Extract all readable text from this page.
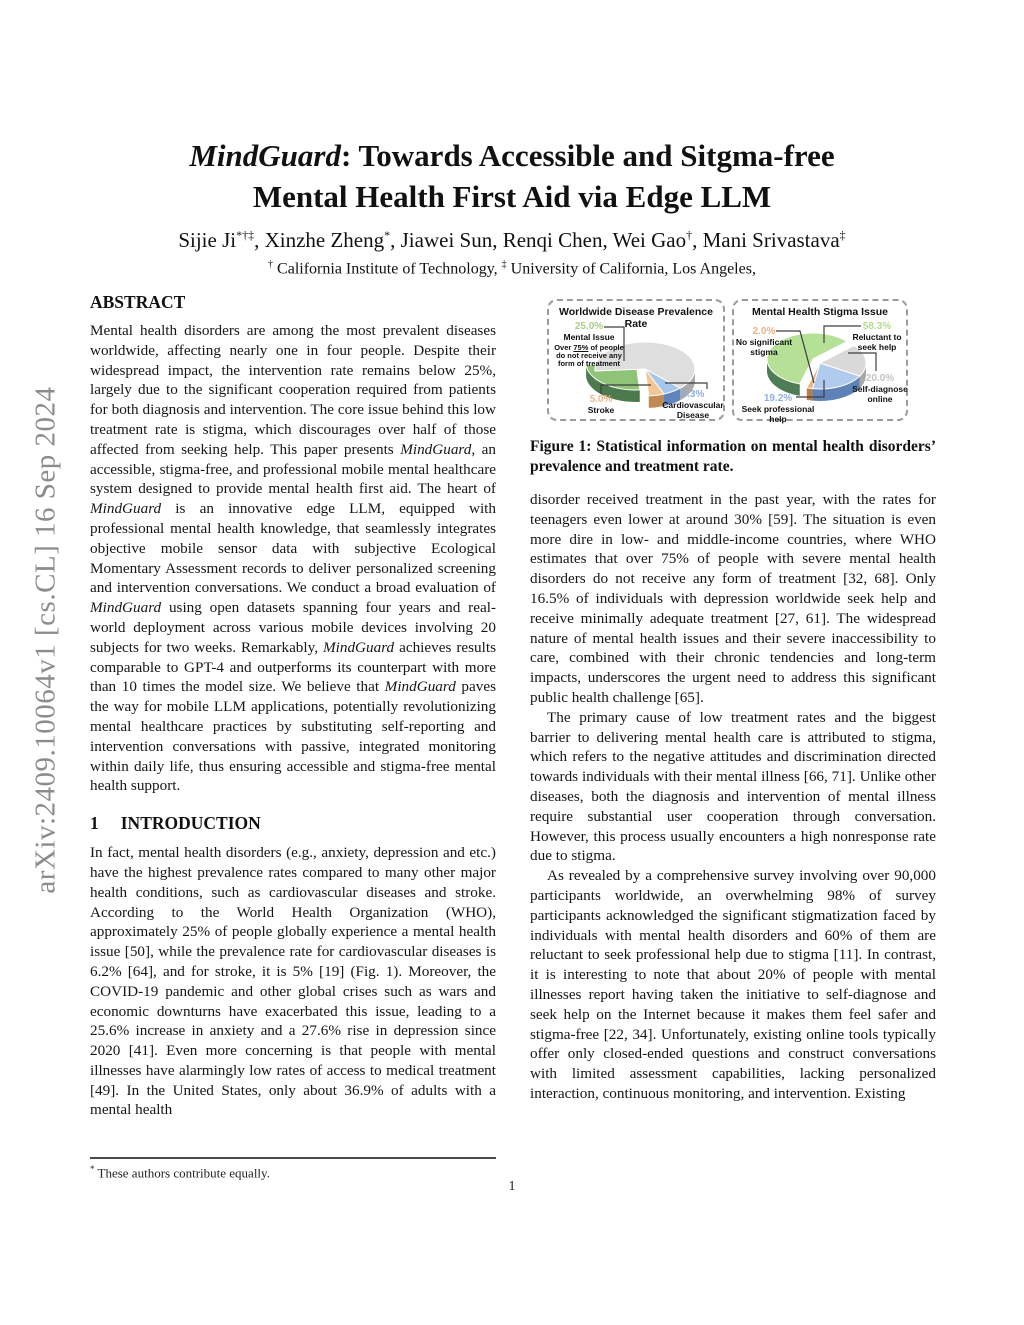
arXiv:2409.10064v1 [cs.CL] 16 Sep 2024
MindGuard: Towards Accessible and Sitgma-free
Mental Health First Aid via Edge LLM
Sijie Ji*†‡, Xinzhe Zheng*, Jiawei Sun, Renqi Chen, Wei Gao†, Mani Srivastava‡
† California Institute of Technology, ‡ University of California, Los Angeles,
ABSTRACT

Mental health disorders are among the most prevalent diseases worldwide, affecting nearly one in four people. Despite their widespread impact, the intervention rate remains below 25%, largely due to the significant cooperation required from patients for both diagnosis and intervention. The core issue behind this low treatment rate is stigma, which discourages over half of those affected from seeking help. This paper presents MindGuard, an accessible, stigma-free, and professional mobile mental healthcare system designed to provide mental health first aid. The heart of MindGuard is an innovative edge LLM, equipped with professional mental health knowledge, that seamlessly integrates objective mobile sensor data with subjective Ecological Momentary Assessment records to deliver personalized screening and intervention conversations. We conduct a broad evaluation of MindGuard using open datasets spanning four years and real-world deployment across various mobile devices involving 20 subjects for two weeks. Remarkably, MindGuard achieves results comparable to GPT-4 and outperforms its counterpart with more than 10 times the model size. We believe that MindGuard paves the way for mobile LLM applications, potentially revolutionizing mental healthcare practices by substituting self-reporting and intervention conversations with passive, integrated monitoring within daily life, thus ensuring accessible and stigma-free mental health support.

1 INTRODUCTION

In fact, mental health disorders (e.g., anxiety, depression and etc.) have the highest prevalence rates compared to many other major health conditions, such as cardiovascular diseases and stroke. According to the World Health Organization (WHO), approximately 25% of people globally experience a mental health issue [50], while the prevalence rate for cardiovascular diseases is 6.2% [64], and for stroke, it is 5% [19] (Fig. 1). Moreover, the COVID-19 pandemic and other global crises such as wars and economic downturns have exacerbated this issue, leading to a 25.6% increase in anxiety and a 27.6% rise in depression since 2020 [41]. Even more concerning is that people with mental illnesses have alarmingly low rates of access to medical treatment [49]. In the United States, only about 36.9% of adults with a mental health

Worldwide Disease Prevalence Rate
6.3%
Cardiovascular Disease
5.0%
Stroke
25.0%
Mental Issue
Over 75% of people do not receive any form of treatment
Mental Health Stigma Issue
19.2%
Seek professional help
2.0%
No significant stigma
58.3%
Reluctant to seek help
20.0%
Self-diagnose online

Figure 1: Statistical information on mental health disorders’ prevalence and treatment rate.

disorder received treatment in the past year, with the rates for teenagers even lower at around 30% [59]. The situation is even more dire in low- and middle-income countries, where WHO estimates that over 75% of people with severe mental health disorders do not receive any form of treatment [32, 68]. Only 16.5% of individuals with depression worldwide seek help and receive minimally adequate treatment [27, 61]. The widespread nature of mental health issues and their severe inaccessibility to care, combined with their chronic tendencies and long-term impacts, underscores the urgent need to address this significant public health challenge [65].

The primary cause of low treatment rates and the biggest barrier to delivering mental health care is attributed to stigma, which refers to the negative attitudes and discrimination directed towards individuals with their mental illness [66, 71]. Unlike other diseases, both the diagnosis and intervention of mental illness require substantial user cooperation through conversation. However, this process usually encounters a high nonresponse rate due to stigma.

As revealed by a comprehensive survey involving over 90,000 participants worldwide, an overwhelming 98% of survey participants acknowledged the significant stigmatization faced by individuals with mental health disorders and 60% of them are reluctant to seek professional help due to stigma [11]. In contrast, it is interesting to note that about 20% of people with mental illnesses report having taken the initiative to self-diagnose and seek help on the Internet because it makes them feel safer and stigma-free [22, 34]. Unfortunately, existing online tools typically offer only closed-ended questions and construct conversations with limited assessment capabilities, lacking personalized interaction, continuous monitoring, and intervention. Existing

* These authors contribute equally.
1
